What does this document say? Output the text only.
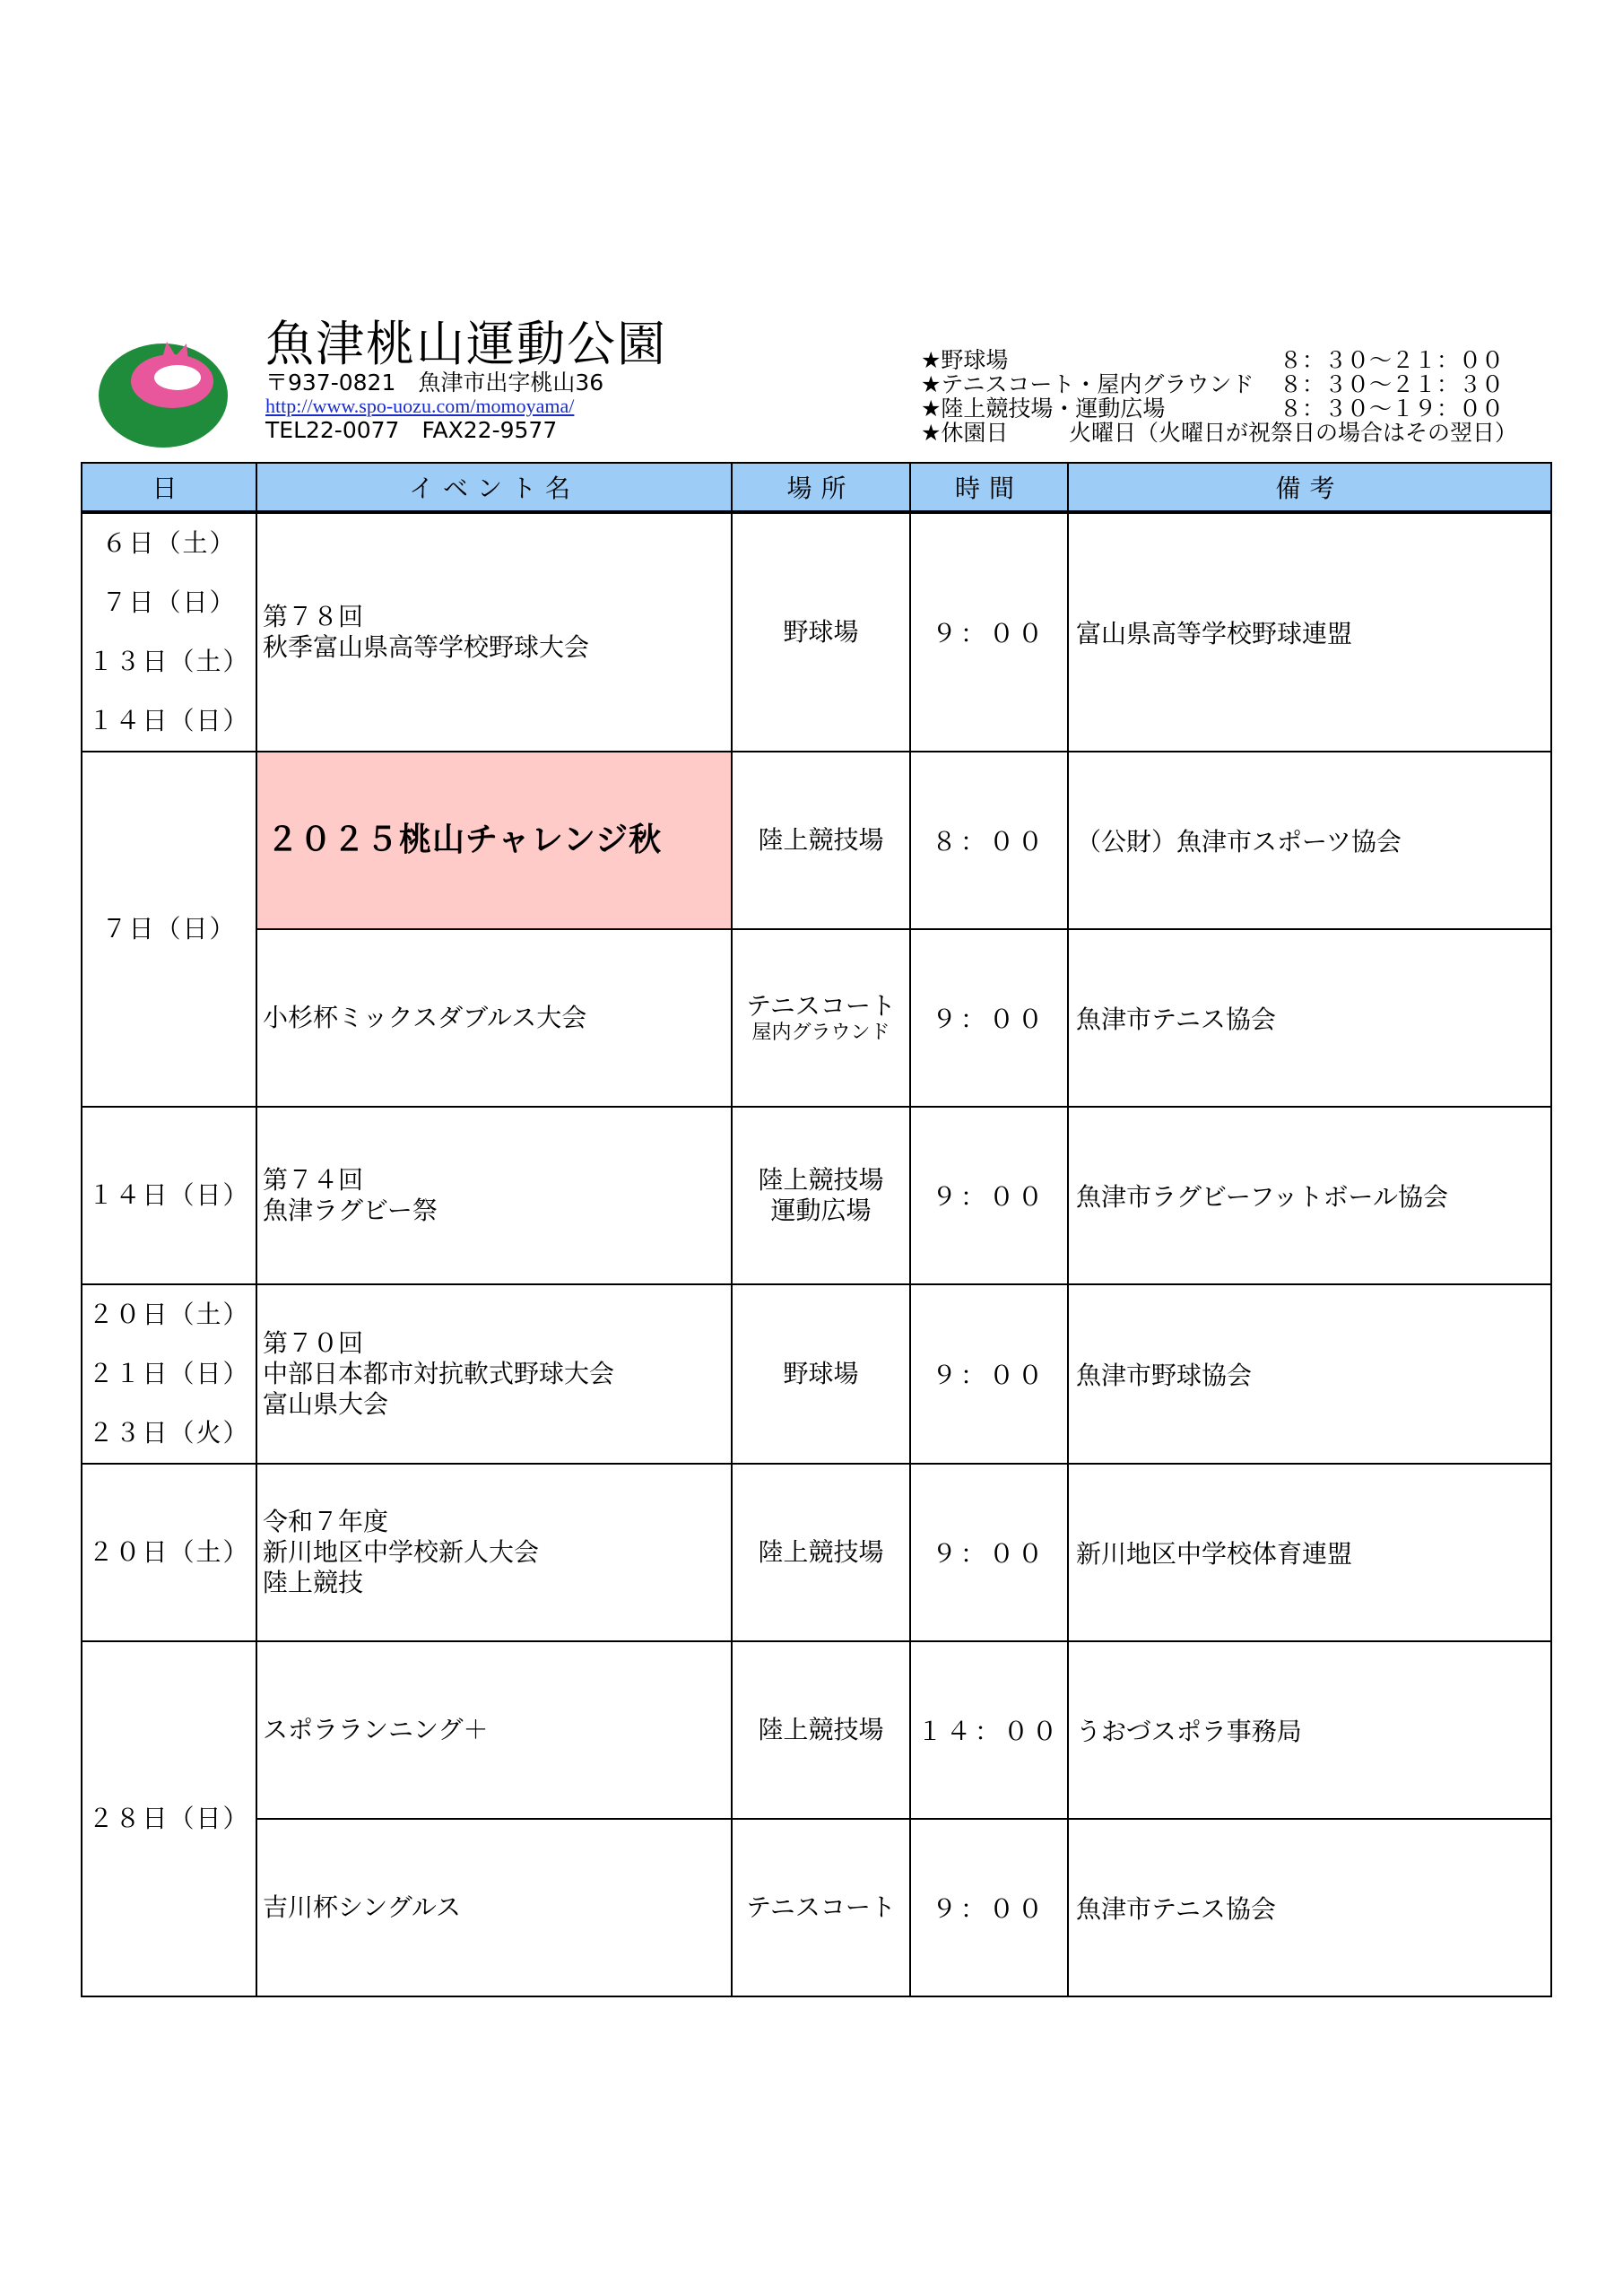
魚津桃山運動公園
〒937-0821　魚津市出字桃山36
http://www.spo-uozu.com/momoyama/
TEL22-0077　FAX22-9577
★野球場	８：３０～２１：００
★テニスコート・屋内グラウンド	８：３０～２１：３０
★陸上競技場・運動広場	８：３０～１９：００
★休園日	火曜日（火曜日が祝祭日の場合はその翌日）
日	イベント名	場所	時間	備考

６日（土）
７日（日）
１３日（土）
１４日（日）	第７８回
秋季富山県高等学校野球大会	野球場	９：００	富山県高等学校野球連盟

７日（日）	２０２５桃山チャレンジ秋	陸上競技場	８：００	（公財）魚津市スポーツ協会

	小杉杯ミックスダブルス大会	テニスコート
屋内グラウンド	９：００	魚津市テニス協会

１４日（日）	第７４回
魚津ラグビー祭	陸上競技場
運動広場	９：００	魚津市ラグビーフットボール協会

２０日（土）
２１日（日）
２３日（火）	第７０回
中部日本都市対抗軟式野球大会
富山県大会	野球場	９：００	魚津市野球協会

２０日（土）	令和７年度
新川地区中学校新人大会
陸上競技	陸上競技場	９：００	新川地区中学校体育連盟

２８日（日）	スポラランニング＋	陸上競技場	１４：００	うおづスポラ事務局

	吉川杯シングルス	テニスコート	９：００	魚津市テニス協会
